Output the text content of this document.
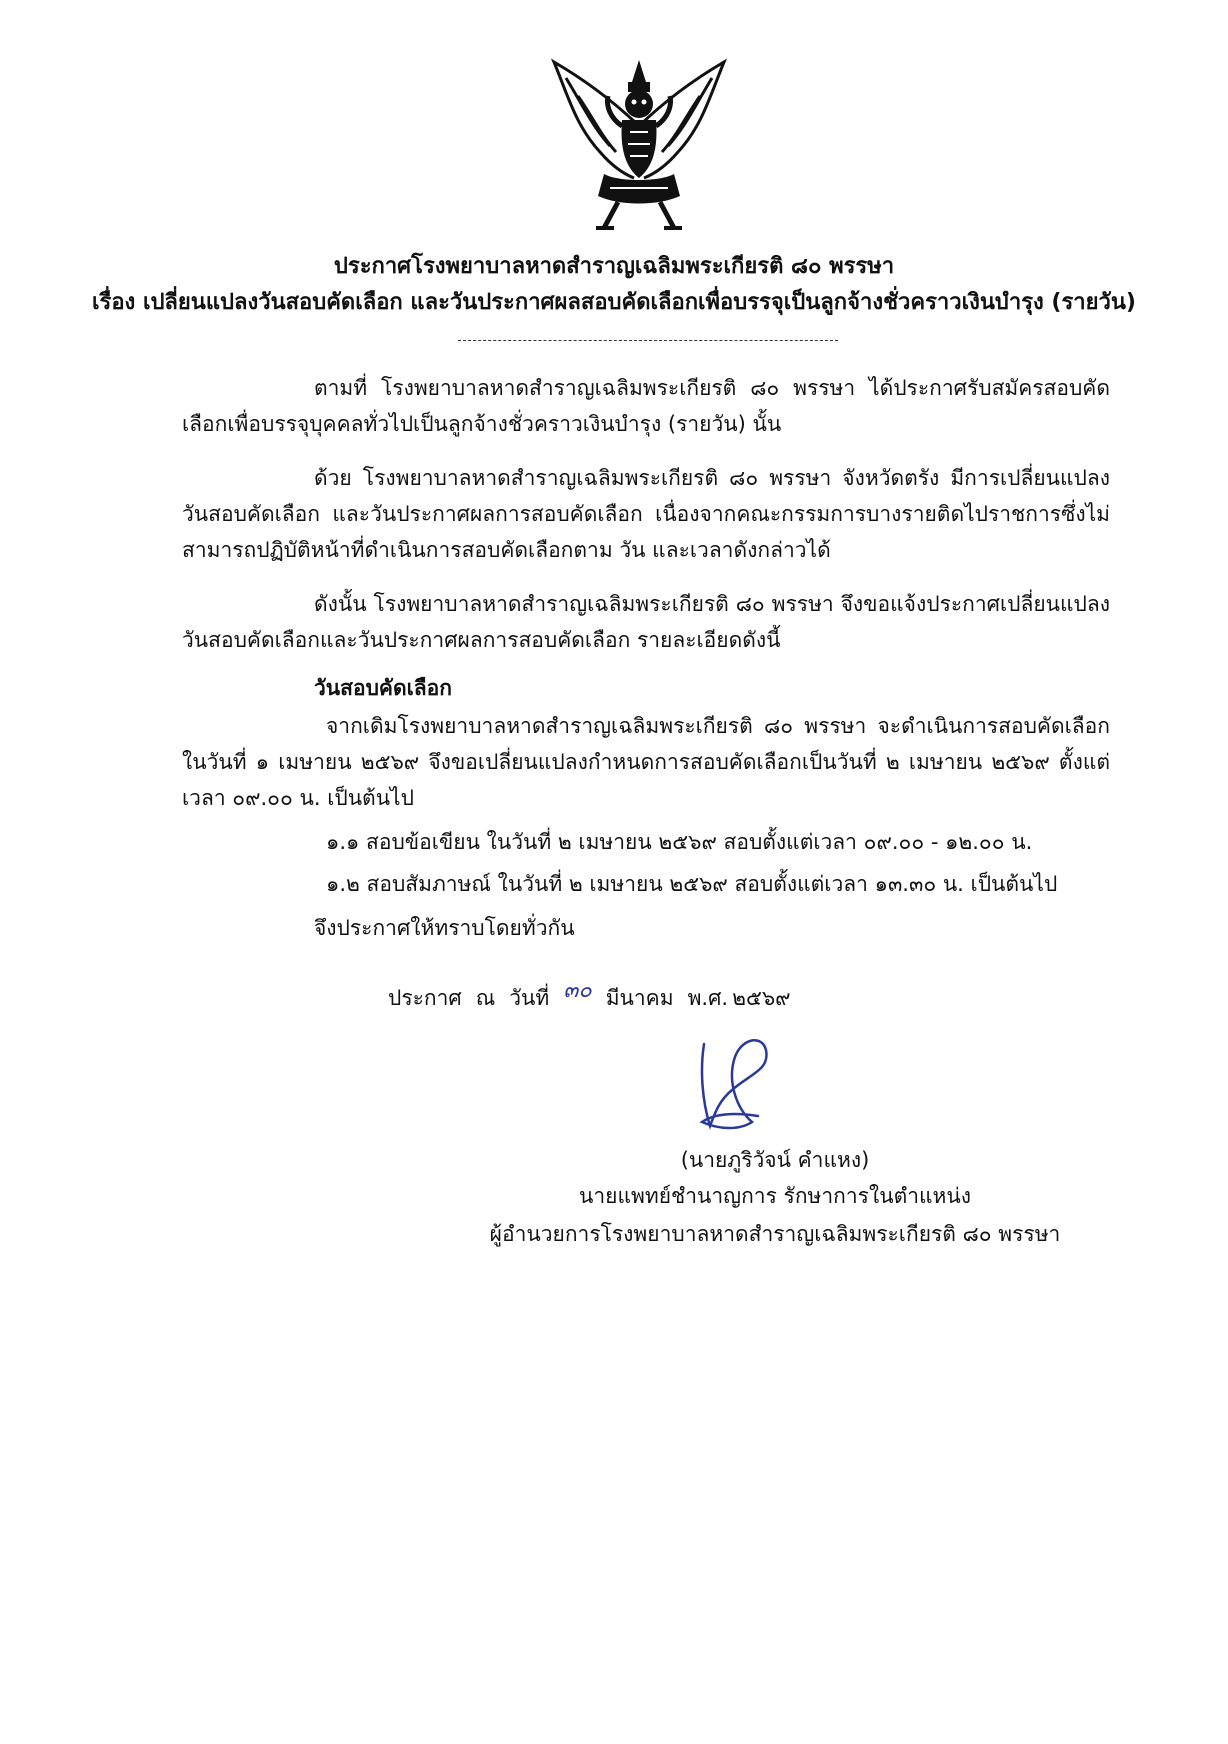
ประกาศโรงพยาบาลหาดสำราญเฉลิมพระเกียรติ ๘๐ พรรษา
เรื่อง เปลี่ยนแปลงวันสอบคัดเลือก และวันประกาศผลสอบคัดเลือกเพื่อบรรจุเป็นลูกจ้างชั่วคราวเงินบำรุง (รายวัน)
ตามที่ โรงพยาบาลหาดสำราญเฉลิมพระเกียรติ ๘๐ พรรษา ได้ประกาศรับสมัครสอบคัดเลือกเพื่อบรรจุบุคคลทั่วไปเป็นลูกจ้างชั่วคราวเงินบำรุง (รายวัน) นั้น
ด้วย โรงพยาบาลหาดสำราญเฉลิมพระเกียรติ ๘๐ พรรษา จังหวัดตรัง มีการเปลี่ยนแปลงวันสอบคัดเลือก และวันประกาศผลการสอบคัดเลือก เนื่องจากคณะกรรมการบางรายติดไปราชการซึ่งไม่สามารถปฏิบัติหน้าที่ดำเนินการสอบคัดเลือกตาม วัน และเวลาดังกล่าวได้
ดังนั้น โรงพยาบาลหาดสำราญเฉลิมพระเกียรติ ๘๐ พรรษา จึงขอแจ้งประกาศเปลี่ยนแปลงวันสอบคัดเลือกและวันประกาศผลการสอบคัดเลือก รายละเอียดดังนี้
วันสอบคัดเลือก
จากเดิมโรงพยาบาลหาดสำราญเฉลิมพระเกียรติ ๘๐ พรรษา จะดำเนินการสอบคัดเลือกในวันที่ ๑ เมษายน ๒๕๖๙ จึงขอเปลี่ยนแปลงกำหนดการสอบคัดเลือกเป็นวันที่ ๒ เมษายน ๒๕๖๙ ตั้งแต่เวลา ๐๙.๐๐ น. เป็นต้นไป
๑.๑ สอบข้อเขียน ในวันที่ ๒ เมษายน ๒๕๖๙ สอบตั้งแต่เวลา ๐๙.๐๐ - ๑๒.๐๐ น.
๑.๒ สอบสัมภาษณ์ ในวันที่ ๒ เมษายน ๒๕๖๙ สอบตั้งแต่เวลา ๑๓.๓๐ น. เป็นต้นไป
จึงประกาศให้ทราบโดยทั่วกัน
ประกาศ ณ วันที่ ๓๐ มีนาคม พ.ศ. ๒๕๖๙
(นายภูริวัจน์ คำแหง)
นายแพทย์ชำนาญการ รักษาการในตำแหน่ง
ผู้อำนวยการโรงพยาบาลหาดสำราญเฉลิมพระเกียรติ ๘๐ พรรษา
